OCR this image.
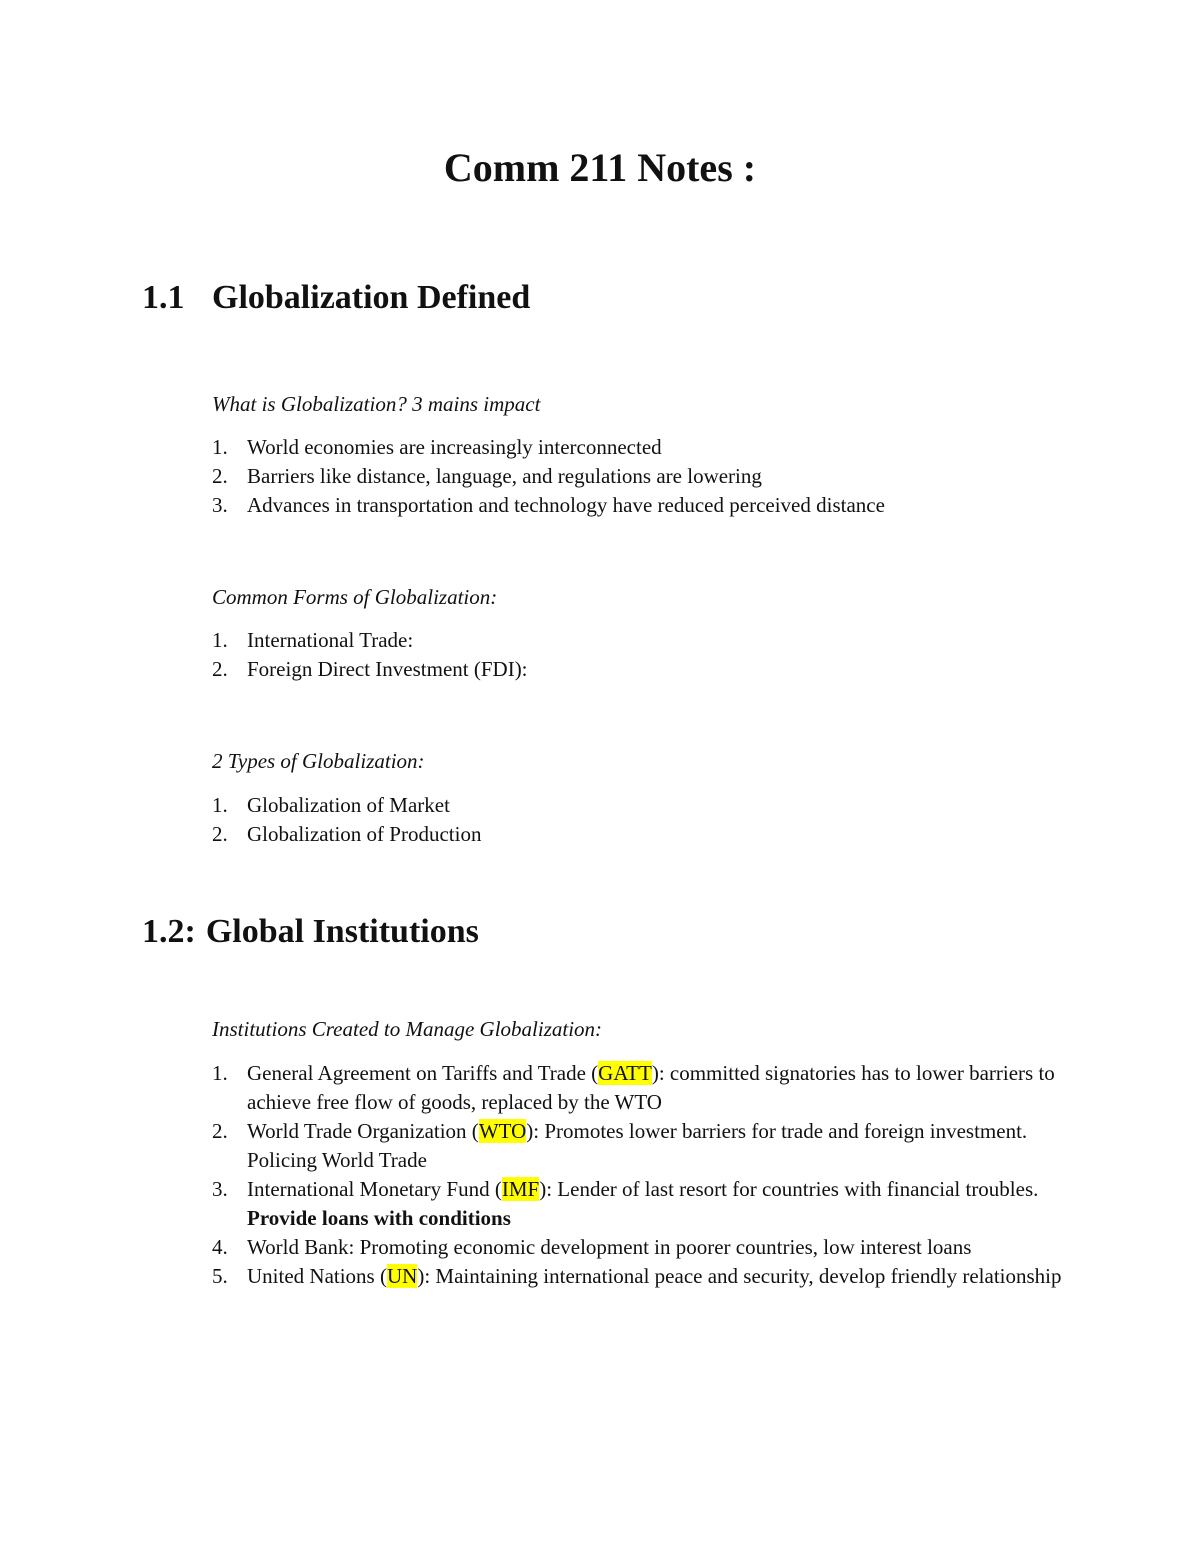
Comm 211 Notes :
1.1 Globalization Defined

What is Globalization? 3 mains impact

1. World economies are increasingly interconnected
2. Barriers like distance, language, and regulations are lowering
3. Advances in transportation and technology have reduced perceived distance

Common Forms of Globalization:

1. International Trade:
2. Foreign Direct Investment (FDI):

2 Types of Globalization:

1. Globalization of Market
2. Globalization of Production
1.2: Global Institutions

Institutions Created to Manage Globalization:

1. General Agreement on Tariffs and Trade (GATT): committed signatories has to lower barriers to achieve free flow of goods, replaced by the WTO
2. World Trade Organization (WTO): Promotes lower barriers for trade and foreign investment. Policing World Trade
3. International Monetary Fund (IMF): Lender of last resort for countries with financial troubles. Provide loans with conditions
4. World Bank: Promoting economic development in poorer countries, low interest loans
5. United Nations (UN): Maintaining international peace and security, develop friendly relationship
